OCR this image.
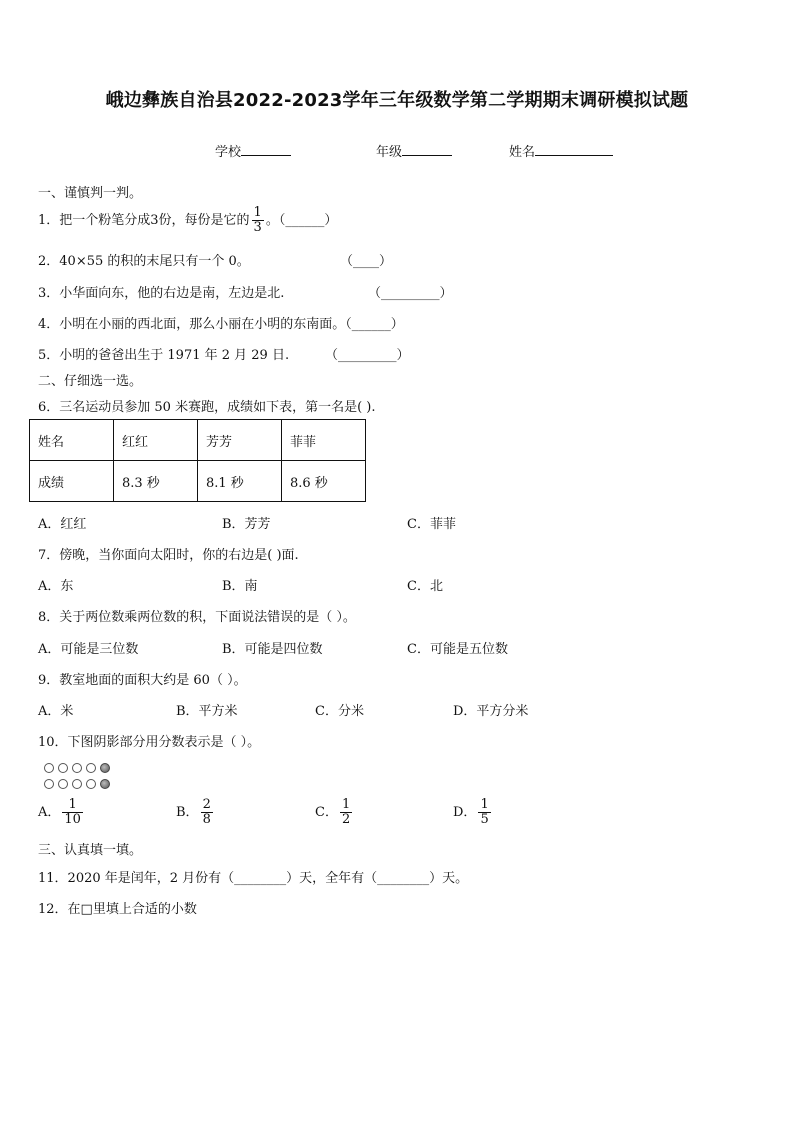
峨边彝族自治县2022-2023学年三年级数学第二学期期末调研模拟试题
学校	年级	姓名
一、谨慎判一判。
1．把一个粉笔分成3份，每份是它的 $\frac{1}{3}$ 。（______）
2．40×55 的积的末尾只有一个 0。	（____）
3．小华面向东，他的右边是南，左边是北.	（_________）
4．小明在小丽的西北面，那么小丽在小明的东南面。（______）
5．小明的爸爸出生于 1971 年 2 月 29 日.	（_________）
二、仔细选一选。
6．三名运动员参加 50 米赛跑，成绩如下表，第一名是( ).
姓名	红红	芳芳	菲菲
成绩	8.3 秒	8.1 秒	8.6 秒
A．红红	B．芳芳	C．菲菲
7．傍晚，当你面向太阳时，你的右边是( )面.
A．东	B．南	C．北
8．关于两位数乘两位数的积，下面说法错误的是（ ）。
A．可能是三位数	B．可能是四位数	C．可能是五位数
9．教室地面的面积大约是 60（ ）。
A．米	B．平方米	C．分米	D．平方分米
10．下图阴影部分用分数表示是（ ）。
A． $\frac{1}{10}$	B． $\frac{2}{8}$	C． $\frac{1}{2}$	D． $\frac{1}{5}$
三、认真填一填。
11．2020 年是闰年，2 月份有（________）天，全年有（________）天。
12．在□里填上合适的小数
